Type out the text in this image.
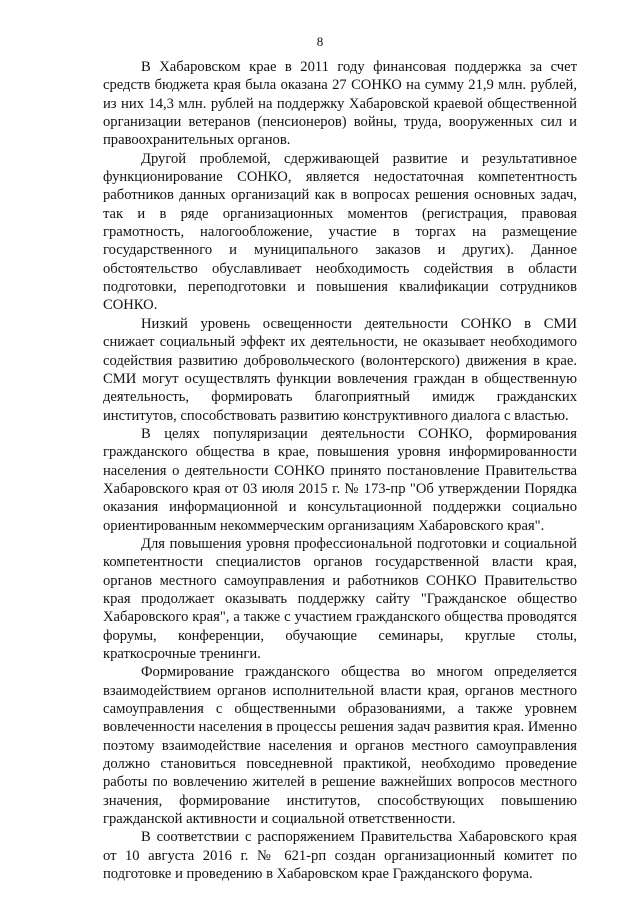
8

В Хабаровском крае в 2011 году финансовая поддержка за счет средств бюджета края была оказана 27 СОНКО на сумму 21,9 млн. рублей, из них 14,3 млн. рублей на поддержку Хабаровской краевой общественной организации ветеранов (пенсионеров) войны, труда, вооруженных сил и правоохранительных органов.

Другой проблемой, сдерживающей развитие и результативное функционирование СОНКО, является недостаточная компетентность работников данных организаций как в вопросах решения основных задач, так и в ряде организационных моментов (регистрация, правовая грамотность, налогообложение, участие в торгах на размещение государственного и муниципального заказов и других). Данное обстоятельство обуславливает необходимость содействия в области подготовки, переподготовки и повышения квалификации сотрудников СОНКО.

Низкий уровень освещенности деятельности СОНКО в СМИ снижает социальный эффект их деятельности, не оказывает необходимого содействия развитию добровольческого (волонтерского) движения в крае. СМИ могут осуществлять функции вовлечения граждан в общественную деятельность, формировать благоприятный имидж гражданских институтов, способствовать развитию конструктивного диалога с властью.

В целях популяризации деятельности СОНКО, формирования гражданского общества в крае, повышения уровня информированности населения о деятельности СОНКО принято постановление Правительства Хабаровского края от 03 июля 2015 г. № 173-пр "Об утверждении Порядка оказания информационной и консультационной поддержки социально ориентированным некоммерческим организациям Хабаровского края".

Для повышения уровня профессиональной подготовки и социальной компетентности специалистов органов государственной власти края, органов местного самоуправления и работников СОНКО Правительство края продолжает оказывать поддержку сайту "Гражданское общество Хабаровского края", а также с участием гражданского общества проводятся форумы, конференции, обучающие семинары, круглые столы, краткосрочные тренинги.

Формирование гражданского общества во многом определяется взаимодействием органов исполнительной власти края, органов местного самоуправления с общественными образованиями, а также уровнем вовлеченности населения в процессы решения задач развития края. Именно поэтому взаимодействие населения и органов местного самоуправления должно становиться повседневной практикой, необходимо проведение работы по вовлечению жителей в решение важнейших вопросов местного значения, формирование институтов, способствующих повышению гражданской активности и социальной ответственности.

В соответствии с распоряжением Правительства Хабаровского края от 10 августа 2016 г. № 621-рп создан организационный комитет по подготовке и проведению в Хабаровском крае Гражданского форума.
